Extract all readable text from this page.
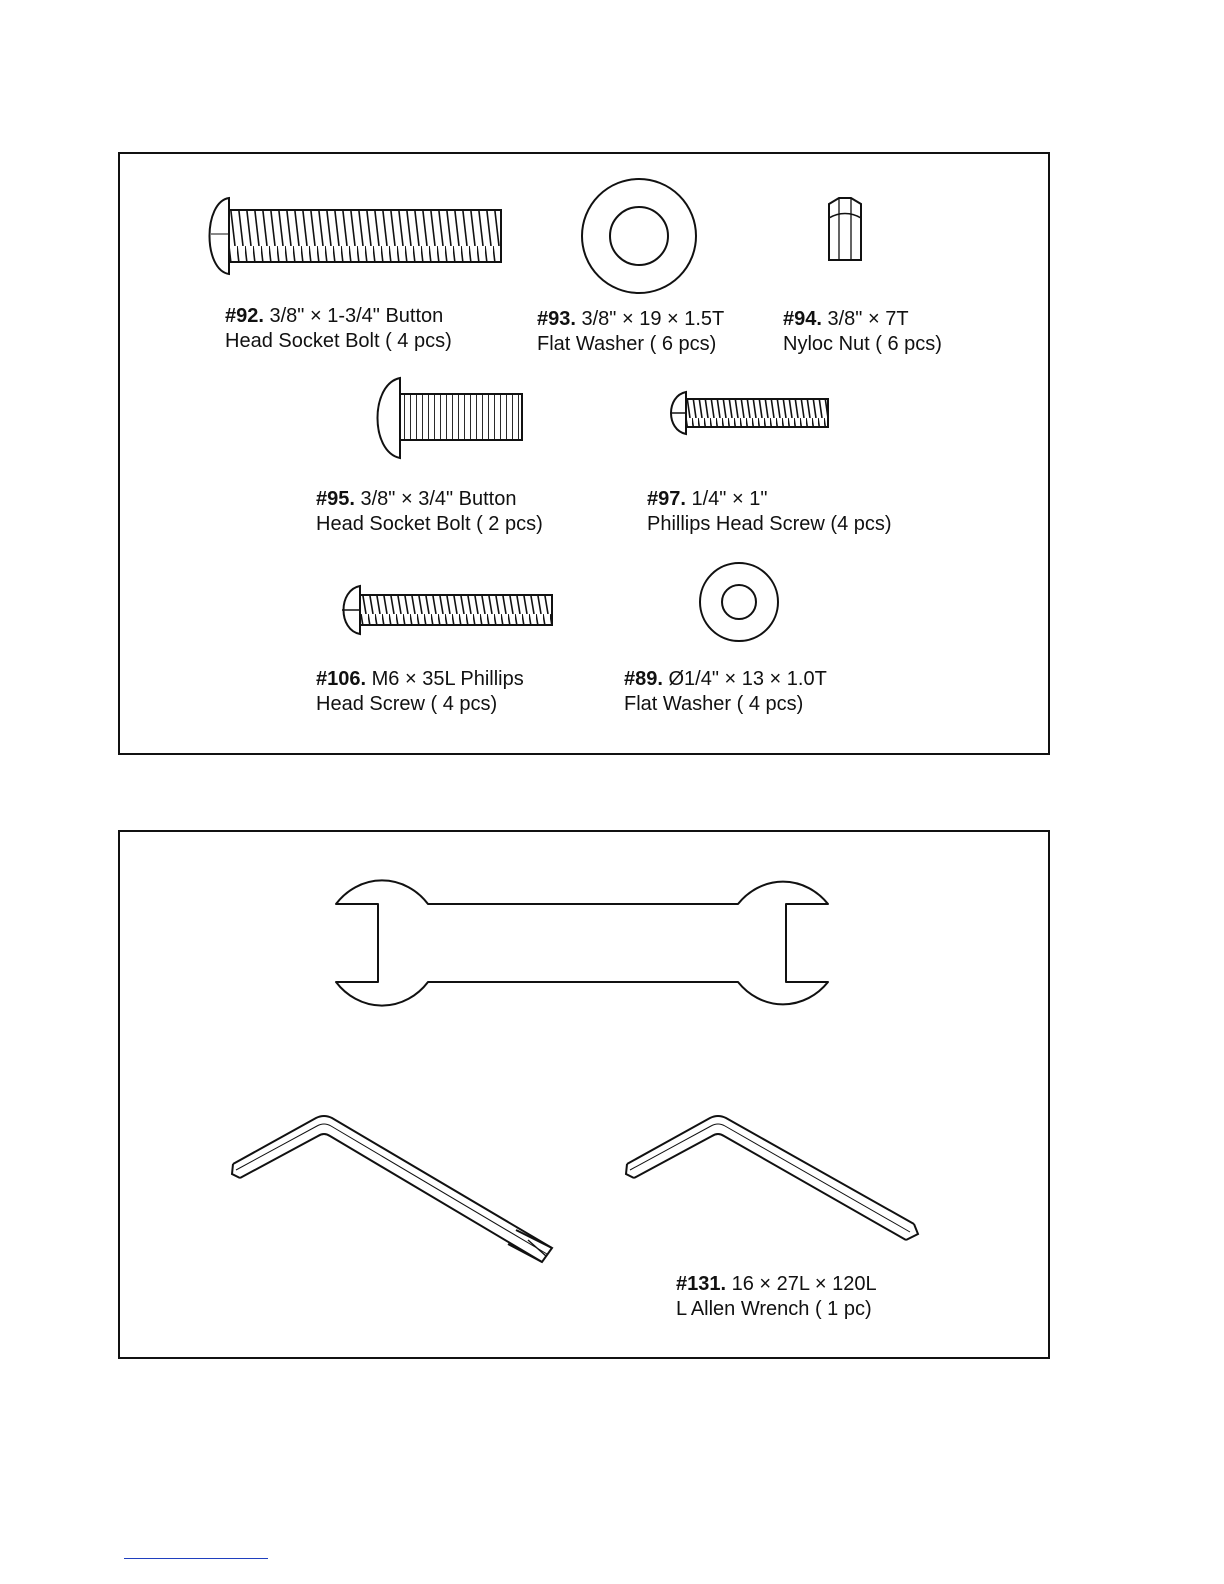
#92. 3/8" × 1-3/4" Button
Head Socket Bolt ( 4 pcs)
#93. 3/8" × 19 × 1.5T
Flat Washer ( 6 pcs)
#94. 3/8" × 7T
Nyloc Nut ( 6 pcs)
#95. 3/8" × 3/4" Button
Head Socket Bolt ( 2 pcs)
#97. 1/4" × 1"
Phillips Head Screw (4 pcs)
#106. M6 × 35L Phillips
Head Screw ( 4 pcs)
#89. Ø1/4" × 13 × 1.0T
Flat Washer ( 4 pcs)
#131. 16 × 27L × 120L
L Allen Wrench ( 1 pc)
